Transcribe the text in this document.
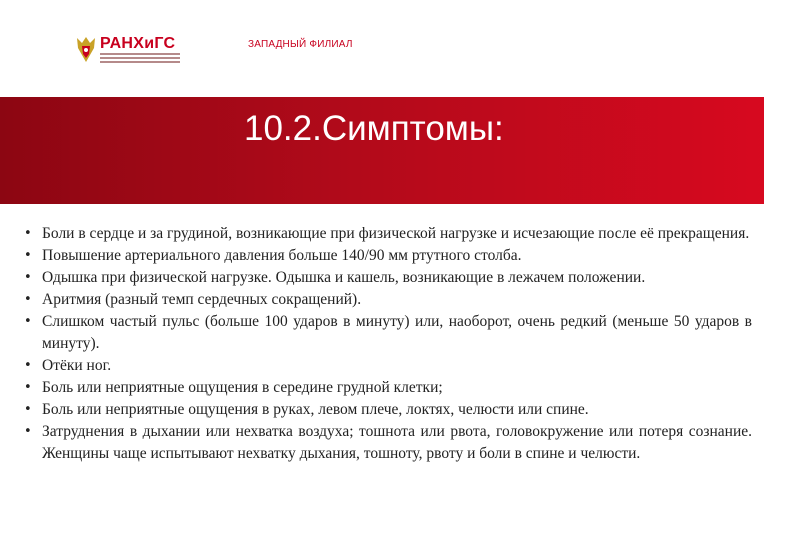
РАНХиГС	ЗАПАДНЫЙ ФИЛИАЛ
10.2.Симптомы:
• Боли в сердце и за грудиной, возникающие при физической нагрузке и исчезающие после её прекращения.
• Повышение артериального давления больше 140/90 мм ртутного столба.
• Одышка при физической нагрузке. Одышка и кашель, возникающие в лежачем положении.
• Аритмия (разный темп сердечных сокращений).
• Слишком частый пульс (больше 100 ударов в минуту) или, наоборот, очень редкий (меньше 50 ударов в минуту).
• Отёки ног.
• Боль или неприятные ощущения в середине грудной клетки;
• Боль или неприятные ощущения в руках, левом плече, локтях, челюсти или спине.
• Затруднения в дыхании или нехватка воздуха; тошнота или рвота, головокружение или потеря сознание. Женщины чаще испытывают нехватку дыхания, тошноту, рвоту и боли в спине и челюсти.
